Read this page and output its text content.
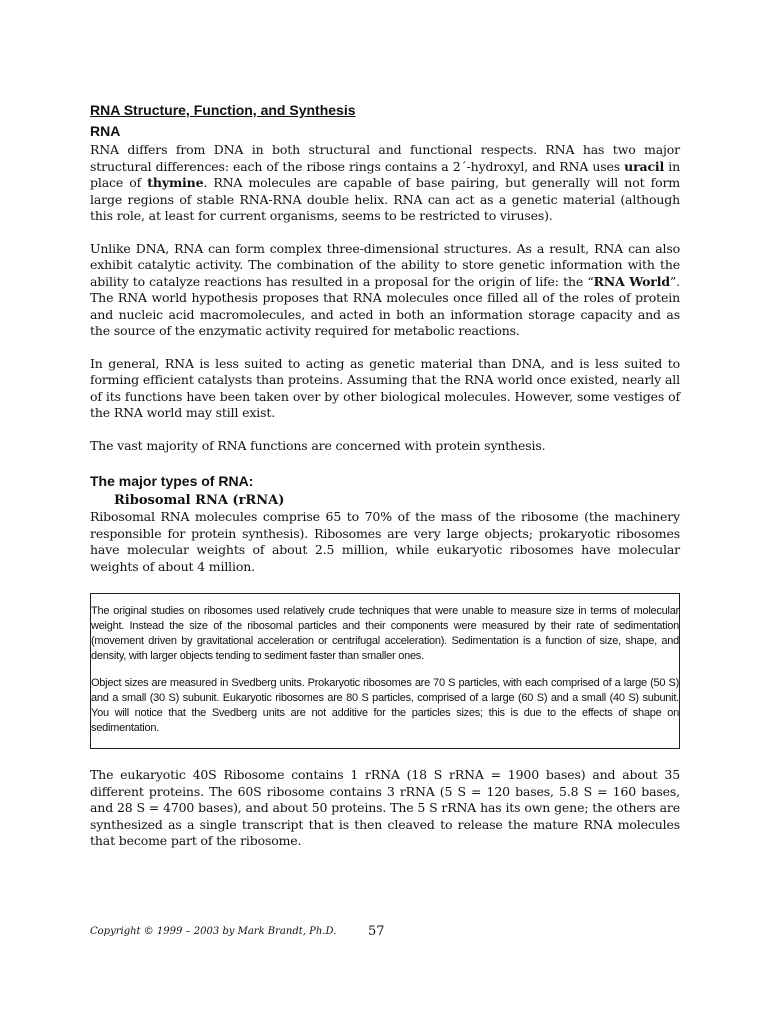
RNA Structure, Function, and Synthesis
RNA

RNA differs from DNA in both structural and functional respects. RNA has two major structural differences: each of the ribose rings contains a 2´-hydroxyl, and RNA uses uracil in place of thymine. RNA molecules are capable of base pairing, but generally will not form large regions of stable RNA-RNA double helix. RNA can act as a genetic material (although this role, at least for current organisms, seems to be restricted to viruses).

Unlike DNA, RNA can form complex three-dimensional structures. As a result, RNA can also exhibit catalytic activity. The combination of the ability to store genetic information with the ability to catalyze reactions has resulted in a proposal for the origin of life: the “RNA World”. The RNA world hypothesis proposes that RNA molecules once filled all of the roles of protein and nucleic acid macromolecules, and acted in both an information storage capacity and as the source of the enzymatic activity required for metabolic reactions.

In general, RNA is less suited to acting as genetic material than DNA, and is less suited to forming efficient catalysts than proteins. Assuming that the RNA world once existed, nearly all of its functions have been taken over by other biological molecules. However, some vestiges of the RNA world may still exist.

The vast majority of RNA functions are concerned with protein synthesis.

The major types of RNA:
Ribosomal RNA (rRNA)

Ribosomal RNA molecules comprise 65 to 70% of the mass of the ribosome (the machinery responsible for protein synthesis). Ribosomes are very large objects; prokaryotic ribosomes have molecular weights of about 2.5 million, while eukaryotic ribosomes have molecular weights of about 4 million.

The original studies on ribosomes used relatively crude techniques that were unable to measure size in terms of molecular weight. Instead the size of the ribosomal particles and their components were measured by their rate of sedimentation (movement driven by gravitational acceleration or centrifugal acceleration). Sedimentation is a function of size, shape, and density, with larger objects tending to sediment faster than smaller ones.

Object sizes are measured in Svedberg units. Prokaryotic ribosomes are 70 S particles, with each comprised of a large (50 S) and a small (30 S) subunit. Eukaryotic ribosomes are 80 S particles, comprised of a large (60 S) and a small (40 S) subunit. You will notice that the Svedberg units are not additive for the particles sizes; this is due to the effects of shape on sedimentation.

The eukaryotic 40S Ribosome contains 1 rRNA (18 S rRNA = 1900 bases) and about 35 different proteins. The 60S ribosome contains 3 rRNA (5 S = 120 bases, 5.8 S = 160 bases, and 28 S = 4700 bases), and about 50 proteins. The 5 S rRNA has its own gene; the others are synthesized as a single transcript that is then cleaved to release the mature RNA molecules that become part of the ribosome.

Copyright © 1999 – 2003 by Mark Brandt, Ph.D.	57
